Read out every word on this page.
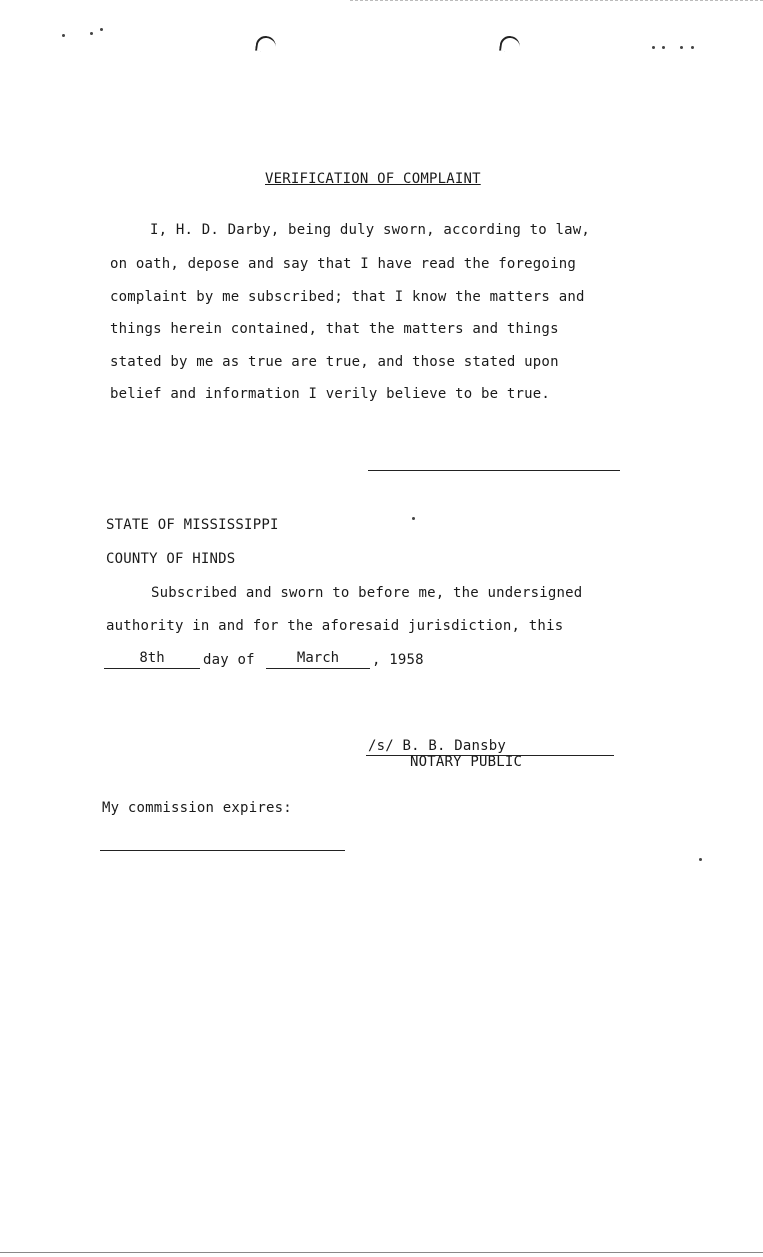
VERIFICATION OF COMPLAINT
I, H. D. Darby, being duly sworn, according to law,
on oath, depose and say that I have read the foregoing
complaint by me subscribed; that I know the matters and
things herein contained, that the matters and things
stated by me as true are true, and those stated upon
belief and information I verily believe to be true.
STATE OF MISSISSIPPI
COUNTY OF HINDS
Subscribed and sworn to before me, the undersigned
authority in and for the aforesaid jurisdiction, this
8th	day of	March	, 1958
/s/ B. B. Dansby
NOTARY PUBLIC
My commission expires:
